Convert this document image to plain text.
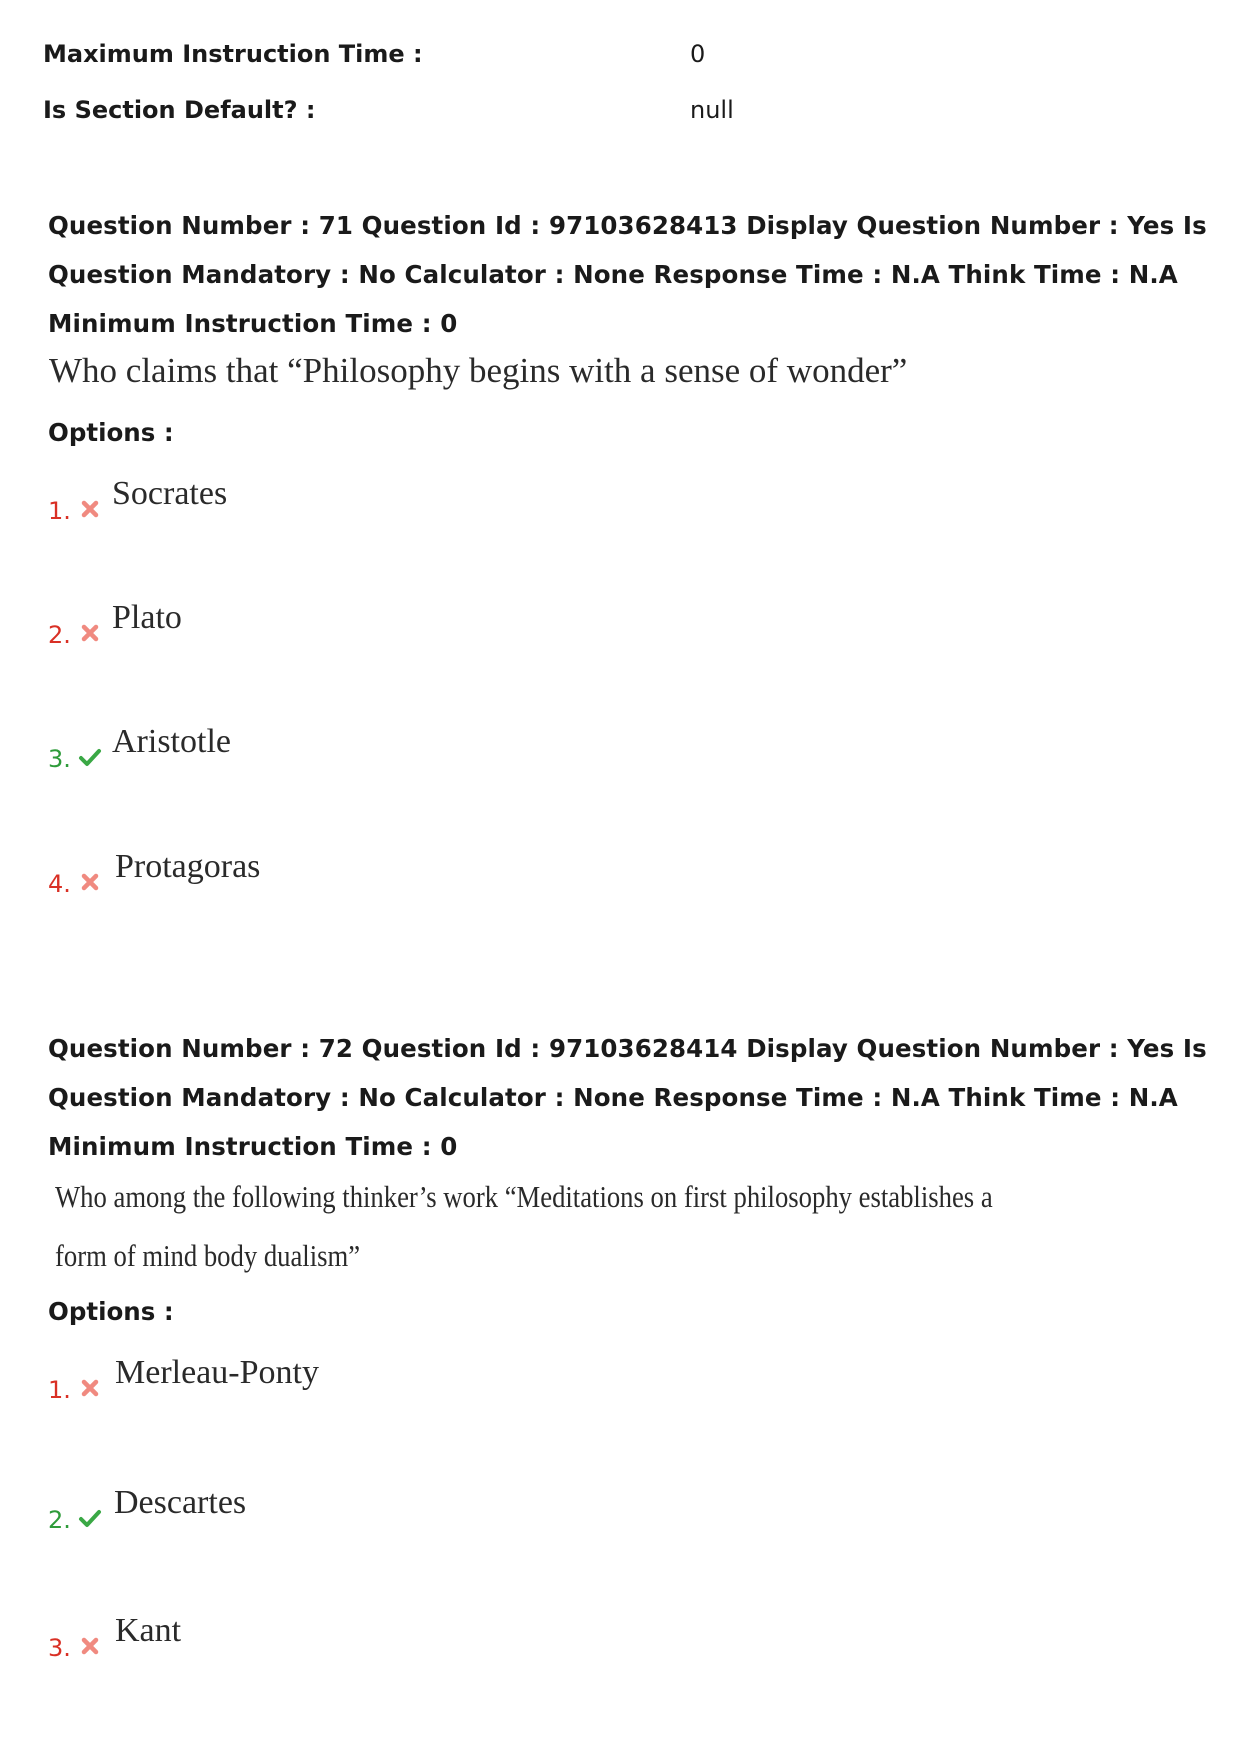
Maximum Instruction Time :	0
Is Section Default? :	null
Question Number : 71 Question Id : 97103628413 Display Question Number : Yes Is Question Mandatory : No Calculator : None Response Time : N.A Think Time : N.A Minimum Instruction Time : 0
Who claims that “Philosophy begins with a sense of wonder”
Options :
1. Socrates
2. Plato
3. Aristotle
4. Protagoras
Question Number : 72 Question Id : 97103628414 Display Question Number : Yes Is Question Mandatory : No Calculator : None Response Time : N.A Think Time : N.A Minimum Instruction Time : 0
Who among the following thinker’s work “Meditations on first philosophy establishes a
form of mind body dualism”
Options :
1. Merleau-Ponty
2. Descartes
3. Kant
